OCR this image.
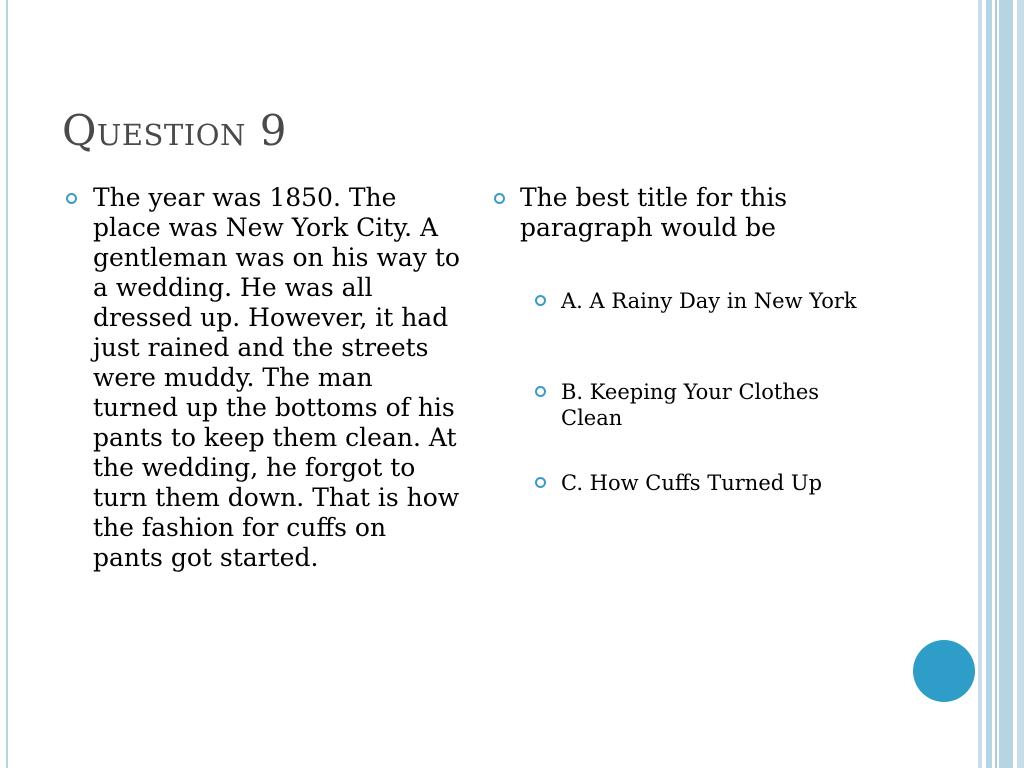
Question 9
The year was 1850. The place was New York City. A gentleman was on his way to a wedding. He was all dressed up. However, it had just rained and the streets were muddy. The man turned up the bottoms of his pants to keep them clean. At the wedding, he forgot to turn them down. That is how the fashion for cuffs on pants got started.
The best title for this paragraph would be
A. A Rainy Day in New York
B. Keeping Your Clothes Clean
C. How Cuffs Turned Up
